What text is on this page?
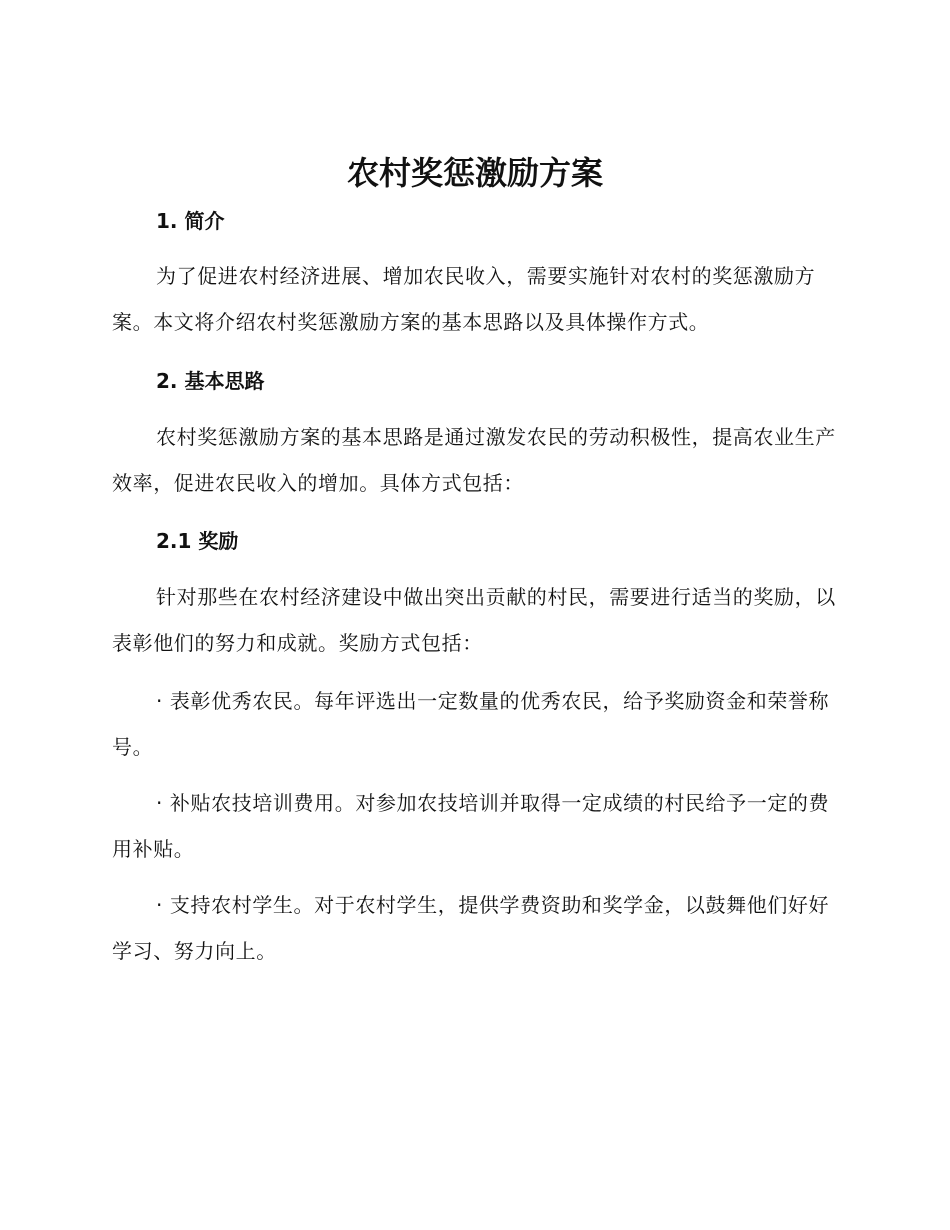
农村奖惩激励方案
1. 简介

为了促进农村经济进展、增加农民收入，需要实施针对农村的奖惩激励方案。本文将介绍农村奖惩激励方案的基本思路以及具体操作方式。

2. 基本思路

农村奖惩激励方案的基本思路是通过激发农民的劳动积极性，提高农业生产效率，促进农民收入的增加。具体方式包括：

2.1 奖励

针对那些在农村经济建设中做出突出贡献的村民，需要进行适当的奖励，以表彰他们的努力和成就。奖励方式包括：

· 表彰优秀农民。每年评选出一定数量的优秀农民，给予奖励资金和荣誉称号。

· 补贴农技培训费用。对参加农技培训并取得一定成绩的村民给予一定的费用补贴。

· 支持农村学生。对于农村学生，提供学费资助和奖学金，以鼓舞他们好好学习、努力向上。
